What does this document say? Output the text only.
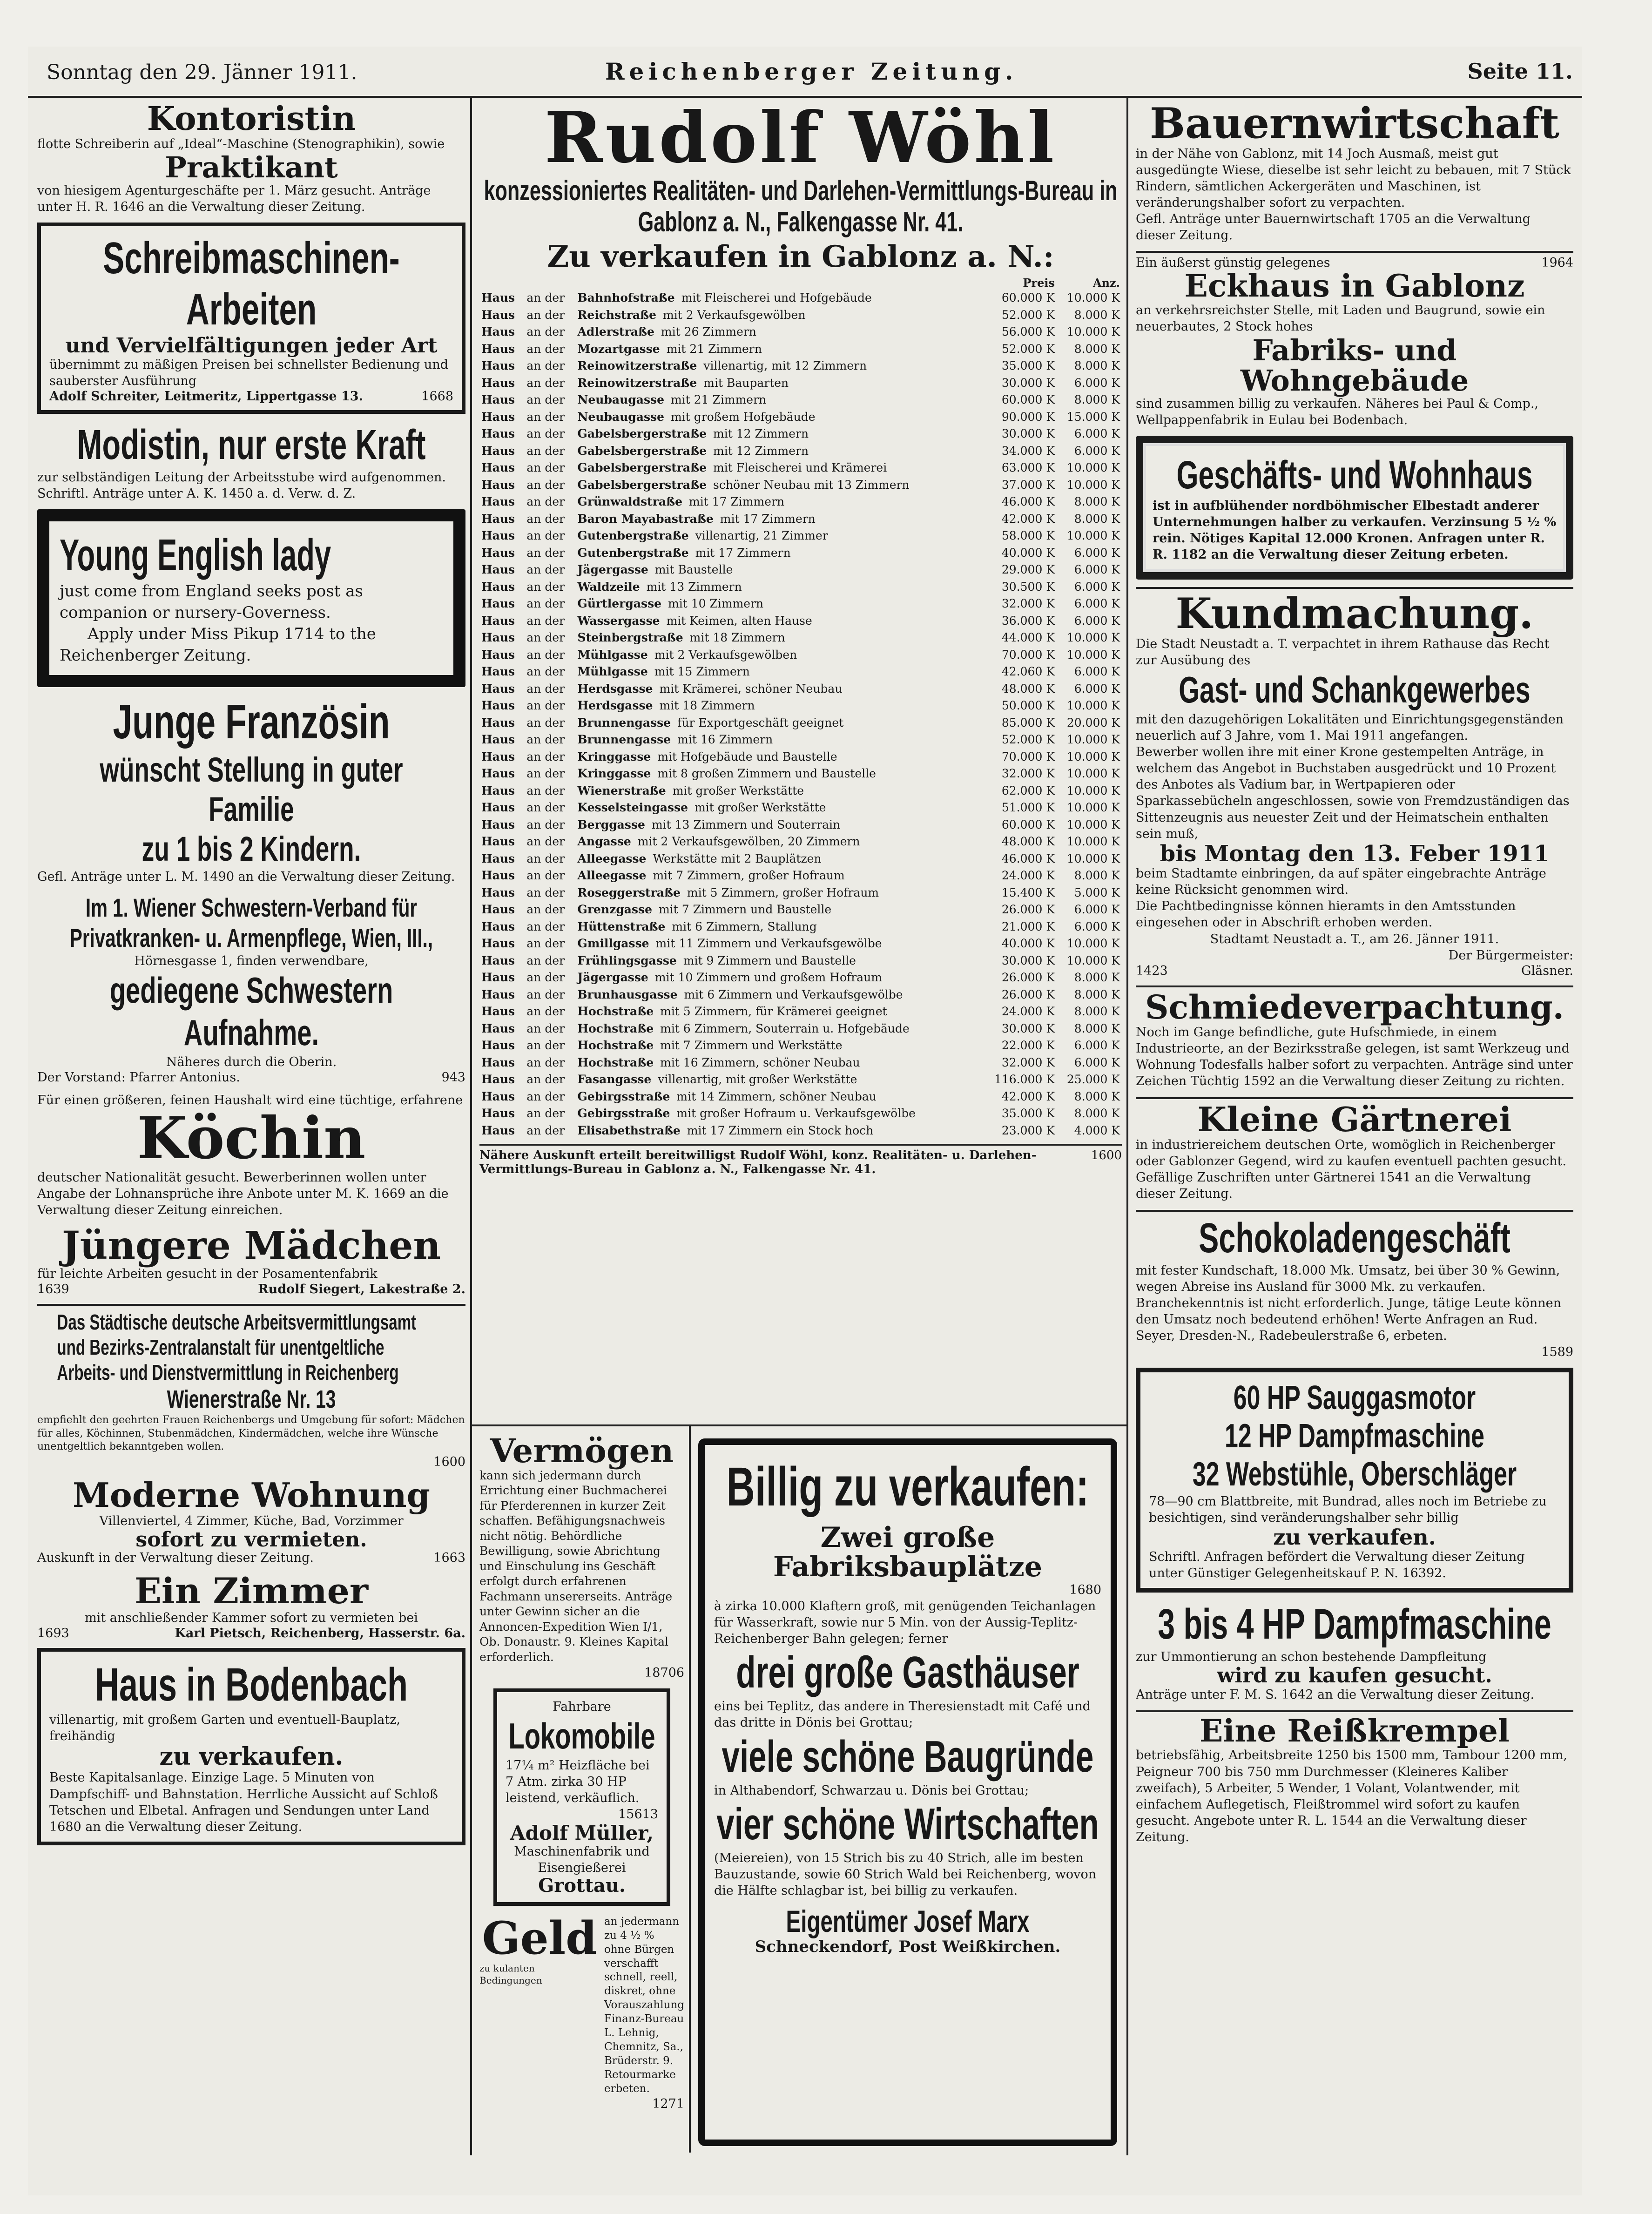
Sonntag den 29. Jänner 1911.	Reichenberger Zeitung.	Seite 11.
Kontoristin
flotte Schreiberin auf „Ideal“-Maschine (Stenographikin), sowie
Praktikant
von hiesigem Agenturgeschäfte per 1. März gesucht. Anträge unter H. R. 1646 an die Verwaltung dieser Zeitung.
Schreibmaschinen-Arbeiten
und Vervielfältigungen jeder Art
übernimmt zu mäßigen Preisen bei schnellster Bedienung und sauberster Ausführung
Adolf Schreiter, Leitmeritz, Lippertgasse 13.	1668
Modistin, nur erste Kraft
zur selbständigen Leitung der Arbeitsstube wird aufgenommen. Schriftl. Anträge unter A. K. 1450 a. d. Verw. d. Z.
Young English lady
just come from England seeks post as companion or nursery-Governess.
Apply under Miss Pikup 1714 to the Reichenberger Zeitung.
Junge Französin
wünscht Stellung in guter Familie
zu 1 bis 2 Kindern.
Gefl. Anträge unter L. M. 1490 an die Verwaltung dieser Zeitung.
Im 1. Wiener Schwestern-Verband für Privatkranken- u. Armenpflege, Wien, III.,
Hörnesgasse 1, finden verwendbare,
gediegene Schwestern Aufnahme.
Näheres durch die Oberin.
Der Vorstand: Pfarrer Antonius.	943
Für einen größeren, feinen Haushalt wird eine tüchtige, erfahrene
Köchin
deutscher Nationalität gesucht. Bewerberinnen wollen unter Angabe der Lohnansprüche ihre Anbote unter M. K. 1669 an die Verwaltung dieser Zeitung einreichen.
Jüngere Mädchen
für leichte Arbeiten gesucht in der Posamentenfabrik
1639	Rudolf Siegert, Lakestraße 2.
Das Städtische deutsche Arbeitsvermittlungsamt und Bezirks-Zentralanstalt für unentgeltliche Arbeits- und Dienstvermittlung in Reichenberg
Wienerstraße Nr. 13
empfiehlt den geehrten Frauen Reichenbergs und Umgebung für sofort: Mädchen für alles, Köchinnen, Stubenmädchen, Kindermädchen, welche ihre Wünsche unentgeltlich bekanntgeben wollen.
1600
Moderne Wohnung
Villenviertel, 4 Zimmer, Küche, Bad, Vorzimmer
sofort zu vermieten.
Auskunft in der Verwaltung dieser Zeitung.	1663
Ein Zimmer
mit anschließender Kammer sofort zu vermieten bei
1693	Karl Pietsch, Reichenberg, Hasserstr. 6a.
Haus in Bodenbach
villenartig, mit großem Garten und eventuell-Bauplatz, freihändig
zu verkaufen.
Beste Kapitalsanlage. Einzige Lage. 5 Minuten von Dampfschiff- und Bahnstation. Herrliche Aussicht auf Schloß Tetschen und Elbetal. Anfragen und Sendungen unter Land 1680 an die Verwaltung dieser Zeitung.
Rudolf Wöhl
konzessioniertes Realitäten- und Darlehen-Vermittlungs-Bureau in Gablonz a. N., Falkengasse Nr. 41.
Zu verkaufen in Gablonz a. N.:
			Preis	Anz.
Haus	an der	Bahnhofstraße mit Fleischerei und Hofgebäude	60.000 K	10.000 K
Haus	an der	Reichstraße mit 2 Verkaufsgewölben	52.000 K	8.000 K
Haus	an der	Adlerstraße mit 26 Zimmern	56.000 K	10.000 K
Haus	an der	Mozartgasse mit 21 Zimmern	52.000 K	8.000 K
Haus	an der	Reinowitzerstraße villenartig, mit 12 Zimmern	35.000 K	8.000 K
Haus	an der	Reinowitzerstraße mit Bauparten	30.000 K	6.000 K
Haus	an der	Neubaugasse mit 21 Zimmern	60.000 K	8.000 K
Haus	an der	Neubaugasse mit großem Hofgebäude	90.000 K	15.000 K
Haus	an der	Gabelsbergerstraße mit 12 Zimmern	30.000 K	6.000 K
Haus	an der	Gabelsbergerstraße mit 12 Zimmern	34.000 K	6.000 K
Haus	an der	Gabelsbergerstraße mit Fleischerei und Krämerei	63.000 K	10.000 K
Haus	an der	Gabelsbergerstraße schöner Neubau mit 13 Zimmern	37.000 K	10.000 K
Haus	an der	Grünwaldstraße mit 17 Zimmern	46.000 K	8.000 K
Haus	an der	Baron Mayabastraße mit 17 Zimmern	42.000 K	8.000 K
Haus	an der	Gutenbergstraße villenartig, 21 Zimmer	58.000 K	10.000 K
Haus	an der	Gutenbergstraße mit 17 Zimmern	40.000 K	6.000 K
Haus	an der	Jägergasse mit Baustelle	29.000 K	6.000 K
Haus	an der	Waldzeile mit 13 Zimmern	30.500 K	6.000 K
Haus	an der	Gürtlergasse mit 10 Zimmern	32.000 K	6.000 K
Haus	an der	Wassergasse mit Keimen, alten Hause	36.000 K	6.000 K
Haus	an der	Steinbergstraße mit 18 Zimmern	44.000 K	10.000 K
Haus	an der	Mühlgasse mit 2 Verkaufsgewölben	70.000 K	10.000 K
Haus	an der	Mühlgasse mit 15 Zimmern	42.060 K	6.000 K
Haus	an der	Herdsgasse mit Krämerei, schöner Neubau	48.000 K	6.000 K
Haus	an der	Herdsgasse mit 18 Zimmern	50.000 K	10.000 K
Haus	an der	Brunnengasse für Exportgeschäft geeignet	85.000 K	20.000 K
Haus	an der	Brunnengasse mit 16 Zimmern	52.000 K	10.000 K
Haus	an der	Kringgasse mit Hofgebäude und Baustelle	70.000 K	10.000 K
Haus	an der	Kringgasse mit 8 großen Zimmern und Baustelle	32.000 K	10.000 K
Haus	an der	Wienerstraße mit großer Werkstätte	62.000 K	10.000 K
Haus	an der	Kesselsteingasse mit großer Werkstätte	51.000 K	10.000 K
Haus	an der	Berggasse mit 13 Zimmern und Souterrain	60.000 K	10.000 K
Haus	an der	Angasse mit 2 Verkaufsgewölben, 20 Zimmern	48.000 K	10.000 K
Haus	an der	Alleegasse Werkstätte mit 2 Bauplätzen	46.000 K	10.000 K
Haus	an der	Alleegasse mit 7 Zimmern, großer Hofraum	24.000 K	8.000 K
Haus	an der	Roseggerstraße mit 5 Zimmern, großer Hofraum	15.400 K	5.000 K
Haus	an der	Grenzgasse mit 7 Zimmern und Baustelle	26.000 K	6.000 K
Haus	an der	Hüttenstraße mit 6 Zimmern, Stallung	21.000 K	6.000 K
Haus	an der	Gmillgasse mit 11 Zimmern und Verkaufsgewölbe	40.000 K	10.000 K
Haus	an der	Frühlingsgasse mit 9 Zimmern und Baustelle	30.000 K	10.000 K
Haus	an der	Jägergasse mit 10 Zimmern und großem Hofraum	26.000 K	8.000 K
Haus	an der	Brunhausgasse mit 6 Zimmern und Verkaufsgewölbe	26.000 K	8.000 K
Haus	an der	Hochstraße mit 5 Zimmern, für Krämerei geeignet	24.000 K	8.000 K
Haus	an der	Hochstraße mit 6 Zimmern, Souterrain u. Hofgebäude	30.000 K	8.000 K
Haus	an der	Hochstraße mit 7 Zimmern und Werkstätte	22.000 K	6.000 K
Haus	an der	Hochstraße mit 16 Zimmern, schöner Neubau	32.000 K	6.000 K
Haus	an der	Fasangasse villenartig, mit großer Werkstätte	116.000 K	25.000 K
Haus	an der	Gebirgsstraße mit 14 Zimmern, schöner Neubau	42.000 K	8.000 K
Haus	an der	Gebirgsstraße mit großer Hofraum u. Verkaufsgewölbe	35.000 K	8.000 K
Haus	an der	Elisabethstraße mit 17 Zimmern ein Stock hoch	23.000 K	4.000 K
Nähere Auskunft erteilt bereitwilligst Rudolf Wöhl, konz. Realitäten- u. Darlehen-Vermittlungs-Bureau in Gablonz a. N., Falkengasse Nr. 41.
1600
Vermögen
kann sich jedermann durch Errichtung einer Buchmacherei für Pferderennen in kurzer Zeit schaffen. Befähigungsnachweis nicht nötig. Behördliche Bewilligung, sowie Abrichtung und Einschulung ins Geschäft erfolgt durch erfahrenen Fachmann unsererseits. Anträge unter Gewinn sicher an die Annoncen-Expedition Wien I/1, Ob. Donaustr. 9. Kleines Kapital erforderlich.
18706
Fahrbare
Lokomobile
17¼ m² Heizfläche bei 7 Atm. zirka 30 HP leistend, verkäuflich.
15613
Adolf Müller,
Maschinenfabrik und Eisengießerei
Grottau.
Geld
zu kulanten Bedingungen
an jedermann zu 4 ½ % ohne Bürgen verschafft schnell, reell, diskret, ohne Vorauszahlung Finanz-Bureau L. Lehnig, Chemnitz, Sa., Brüderstr. 9. Retourmarke erbeten.
1271
Billig zu verkaufen:
Zwei große Fabriksbauplätze
1680
à zirka 10.000 Klaftern groß, mit genügenden Teichanlagen für Wasserkraft, sowie nur 5 Min. von der Aussig-Teplitz-Reichenberger Bahn gelegen; ferner
drei große Gasthäuser
eins bei Teplitz, das andere in Theresienstadt mit Café und das dritte in Dönis bei Grottau;
viele schöne Baugründe
in Althabendorf, Schwarzau u. Dönis bei Grottau;
vier schöne Wirtschaften
(Meiereien), von 15 Strich bis zu 40 Strich, alle im besten Bauzustande, sowie 60 Strich Wald bei Reichenberg, wovon die Hälfte schlagbar ist, bei billig zu verkaufen.
Eigentümer Josef Marx
Schneckendorf, Post Weißkirchen.
Bauernwirtschaft
in der Nähe von Gablonz, mit 14 Joch Ausmaß, meist gut ausgedüngte Wiese, dieselbe ist sehr leicht zu bebauen, mit 7 Stück Rindern, sämtlichen Ackergeräten und Maschinen, ist veränderungshalber sofort zu verpachten.
Gefl. Anträge unter Bauernwirtschaft 1705 an die Verwaltung dieser Zeitung.
Ein äußerst günstig gelegenes	1964
Eckhaus in Gablonz
an verkehrsreichster Stelle, mit Laden und Baugrund, sowie ein neuerbautes, 2 Stock hohes
Fabriks- und Wohngebäude
sind zusammen billig zu verkaufen. Näheres bei Paul & Comp., Wellpappenfabrik in Eulau bei Bodenbach.
Geschäfts- und Wohnhaus
ist in aufblühender nordböhmischer Elbestadt anderer Unternehmungen halber zu verkaufen. Verzinsung 5 ½ % rein. Nötiges Kapital 12.000 Kronen. Anfragen unter R. R. 1182 an die Verwaltung dieser Zeitung erbeten.
Kundmachung.
Die Stadt Neustadt a. T. verpachtet in ihrem Rathause das Recht zur Ausübung des
Gast- und Schankgewerbes
mit den dazugehörigen Lokalitäten und Einrichtungsgegenständen neuerlich auf 3 Jahre, vom 1. Mai 1911 angefangen.
Bewerber wollen ihre mit einer Krone gestempelten Anträge, in welchem das Angebot in Buchstaben ausgedrückt und 10 Prozent des Anbotes als Vadium bar, in Wertpapieren oder Sparkassebücheln angeschlossen, sowie von Fremdzuständigen das Sittenzeugnis aus neuester Zeit und der Heimatschein enthalten sein muß,
bis Montag den 13. Feber 1911
beim Stadtamte einbringen, da auf später eingebrachte Anträge keine Rücksicht genommen wird.
Die Pachtbedingnisse können hieramts in den Amtsstunden eingesehen oder in Abschrift erhoben werden.
Stadtamt Neustadt a. T., am 26. Jänner 1911.
Der Bürgermeister:
1423	Gläsner.
Schmiedeverpachtung.
Noch im Gange befindliche, gute Hufschmiede, in einem Industrieorte, an der Bezirksstraße gelegen, ist samt Werkzeug und Wohnung Todesfalls halber sofort zu verpachten. Anträge sind unter Zeichen Tüchtig 1592 an die Verwaltung dieser Zeitung zu richten.
Kleine Gärtnerei
in industriereichem deutschen Orte, womöglich in Reichenberger oder Gablonzer Gegend, wird zu kaufen eventuell pachten gesucht.
Gefällige Zuschriften unter Gärtnerei 1541 an die Verwaltung dieser Zeitung.
Schokoladengeschäft
mit fester Kundschaft, 18.000 Mk. Umsatz, bei über 30 % Gewinn, wegen Abreise ins Ausland für 3000 Mk. zu verkaufen. Branchekenntnis ist nicht erforderlich. Junge, tätige Leute können den Umsatz noch bedeutend erhöhen! Werte Anfragen an Rud. Seyer, Dresden-N., Radebeulerstraße 6, erbeten.
1589
60 HP Sauggasmotor
12 HP Dampfmaschine
32 Webstühle, Oberschläger
78—90 cm Blattbreite, mit Bundrad, alles noch im Betriebe zu besichtigen, sind veränderungshalber sehr billig
zu verkaufen.
Schriftl. Anfragen befördert die Verwaltung dieser Zeitung unter Günstiger Gelegenheitskauf P. N. 16392.
3 bis 4 HP Dampfmaschine
zur Ummontierung an schon bestehende Dampfleitung
wird zu kaufen gesucht.
Anträge unter F. M. S. 1642 an die Verwaltung dieser Zeitung.
Eine Reißkrempel
betriebsfähig, Arbeitsbreite 1250 bis 1500 mm, Tambour 1200 mm, Peigneur 700 bis 750 mm Durchmesser (Kleineres Kaliber zweifach), 5 Arbeiter, 5 Wender, 1 Volant, Volantwender, mit einfachem Auflegetisch, Fleißtrommel wird sofort zu kaufen gesucht. Angebote unter R. L. 1544 an die Verwaltung dieser Zeitung.
